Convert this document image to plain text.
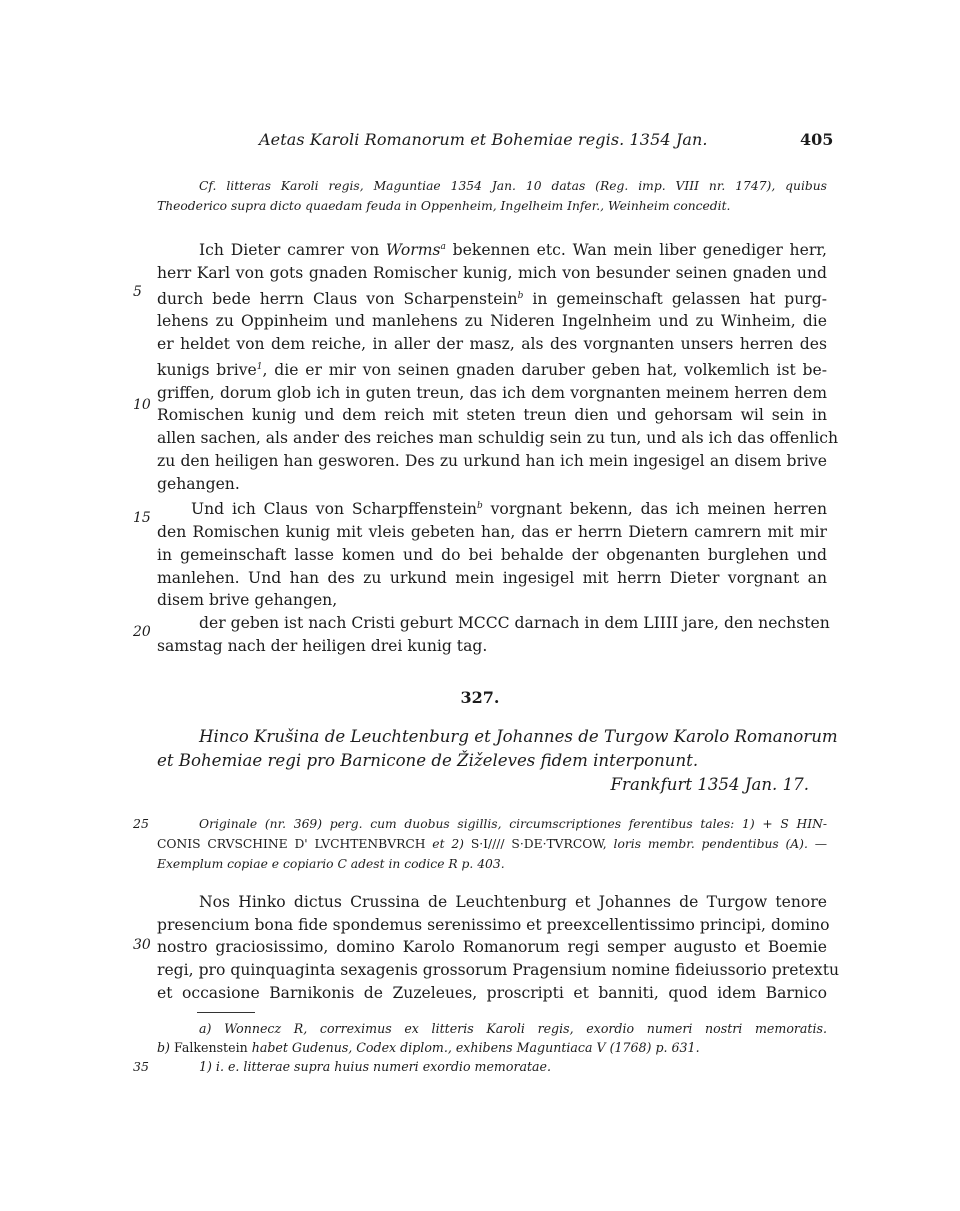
Aetas Karoli Romanorum et Bohemiae regis. 1354 Jan.	405
Cf. litteras Karoli regis, Maguntiae 1354 Jan. 10 datas (Reg. imp. VIII nr. 1747), quibus
Theoderico supra dicto quaedam feuda in Oppenheim, Ingelheim Infer., Weinheim concedit.
Ich Dieter camrer von Worms$^a$ bekennen etc. Wan mein liber genediger herr,
herr Karl von gots gnaden Romischer kunig, mich von besunder seinen gnaden und
durch bede herrn Claus von Scharpenstein$^b$ in gemeinschaft gelassen hat purg-
lehens zu Oppinheim und manlehens zu Nideren Ingelnheim und zu Winheim, die
er heldet von dem reiche, in aller der masz, als des vorgnanten unsers herren des
kunigs brive$^1$, die er mir von seinen gnaden daruber geben hat, volkemlich ist be-
griffen, dorum glob ich in guten treun, das ich dem vorgnanten meinem herren dem
Romischen kunig und dem reich mit steten treun dien und gehorsam wil sein in
allen sachen, als ander des reiches man schuldig sein zu tun, und als ich das offenlich
zu den heiligen han gesworen. Des zu urkund han ich mein ingesigel an disem brive
gehangen.
Und ich Claus von Scharpffenstein$^b$ vorgnant bekenn, das ich meinen herren
den Romischen kunig mit vleis gebeten han, das er herrn Dietern camrern mit mir
in gemeinschaft lasse komen und do bei behalde der obgenanten burglehen und
manlehen. Und han des zu urkund mein ingesigel mit herrn Dieter vorgnant an
disem brive gehangen,
der geben ist nach Cristi geburt MCCC darnach in dem LIIII jare, den nechsten
samstag nach der heiligen drei kunig tag.
5
10
15
20
327.
Hinco Krušina de Leuchtenburg et Johannes de Turgow Karolo Romanorum
et Bohemiae regi pro Barnicone de Žiželeves fidem interponunt.
Frankfurt 1354 Jan. 17.
25	Originale (nr. 369) perg. cum duobus sigillis, circumscriptiones ferentibus tales: 1) + S HIN-
CONIS CRVSCHINE D' LVCHTENBVRCH et 2) S·I//// S·DE·TVRCOW, loris membr. pendentibus (A). —
Exemplum copiae e copiario C adest in codice R p. 403.
Nos Hinko dictus Crussina de Leuchtenburg et Johannes de Turgow tenore
presencium bona fide spondemus serenissimo et preexcellentissimo principi, domino
nostro graciosissimo, domino Karolo Romanorum regi semper augusto et Boemie
regi, pro quinquaginta sexagenis grossorum Pragensium nomine fideiussorio pretextu
et occasione Barnikonis de Zuzeleues, proscripti et banniti, quod idem Barnico
30
a) Wonnecz R, correximus ex litteris Karoli regis, exordio numeri nostri memoratis.
b) Falkenstein habet Gudenus, Codex diplom., exhibens Maguntiaca V (1768) p. 631.
1) i. e. litterae supra huius numeri exordio memoratae.
35
